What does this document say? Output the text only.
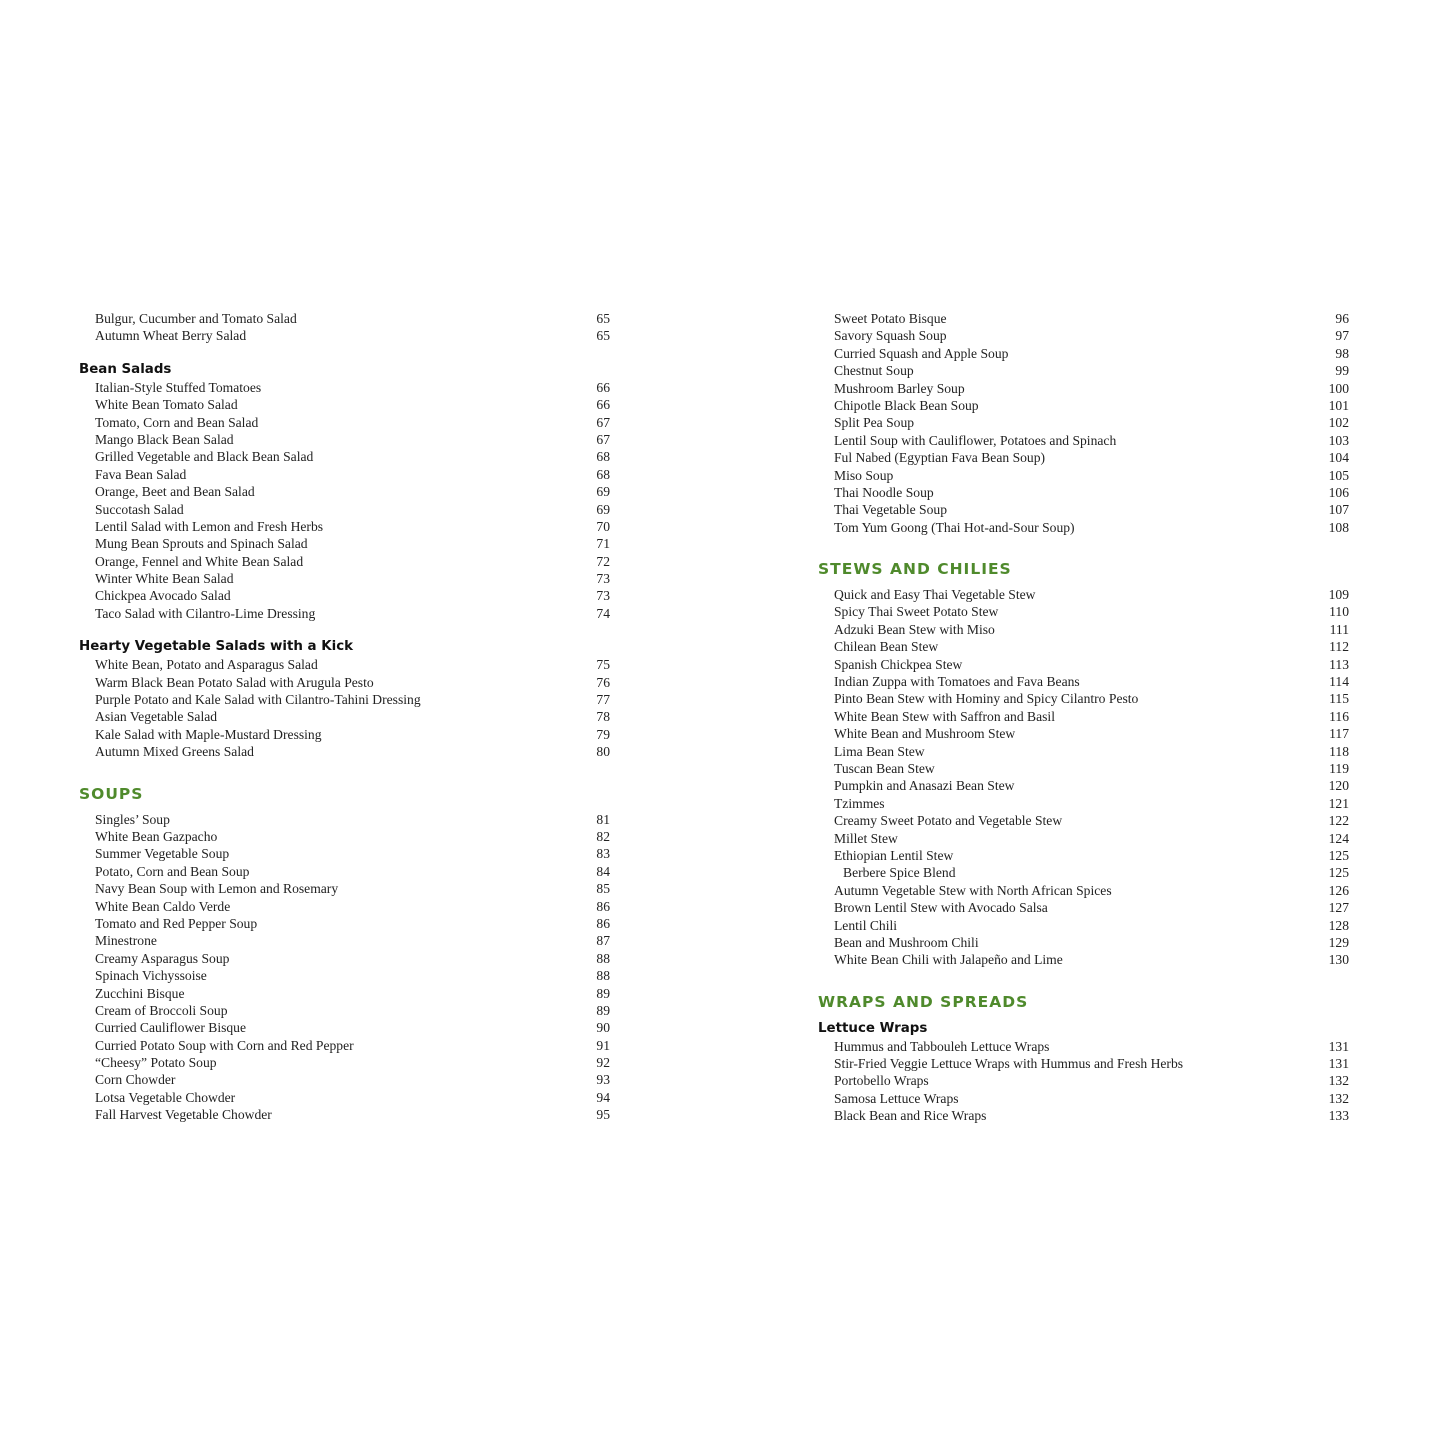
Bulgur, Cucumber and Tomato Salad	65
Autumn Wheat Berry Salad	65
Bean Salads
Italian-Style Stuffed Tomatoes	66
White Bean Tomato Salad	66
Tomato, Corn and Bean Salad	67
Mango Black Bean Salad	67
Grilled Vegetable and Black Bean Salad	68
Fava Bean Salad	68
Orange, Beet and Bean Salad	69
Succotash Salad	69
Lentil Salad with Lemon and Fresh Herbs	70
Mung Bean Sprouts and Spinach Salad	71
Orange, Fennel and White Bean Salad	72
Winter White Bean Salad	73
Chickpea Avocado Salad	73
Taco Salad with Cilantro-Lime Dressing	74
Hearty Vegetable Salads with a Kick
White Bean, Potato and Asparagus Salad	75
Warm Black Bean Potato Salad with Arugula Pesto	76
Purple Potato and Kale Salad with Cilantro-Tahini Dressing	77
Asian Vegetable Salad	78
Kale Salad with Maple-Mustard Dressing	79
Autumn Mixed Greens Salad	80
SOUPS
Singles’ Soup	81
White Bean Gazpacho	82
Summer Vegetable Soup	83
Potato, Corn and Bean Soup	84
Navy Bean Soup with Lemon and Rosemary	85
White Bean Caldo Verde	86
Tomato and Red Pepper Soup	86
Minestrone	87
Creamy Asparagus Soup	88
Spinach Vichyssoise	88
Zucchini Bisque	89
Cream of Broccoli Soup	89
Curried Cauliflower Bisque	90
Curried Potato Soup with Corn and Red Pepper	91
“Cheesy” Potato Soup	92
Corn Chowder	93
Lotsa Vegetable Chowder	94
Fall Harvest Vegetable Chowder	95
Sweet Potato Bisque	96
Savory Squash Soup	97
Curried Squash and Apple Soup	98
Chestnut Soup	99
Mushroom Barley Soup	100
Chipotle Black Bean Soup	101
Split Pea Soup	102
Lentil Soup with Cauliflower, Potatoes and Spinach	103
Ful Nabed (Egyptian Fava Bean Soup)	104
Miso Soup	105
Thai Noodle Soup	106
Thai Vegetable Soup	107
Tom Yum Goong (Thai Hot-and-Sour Soup)	108
STEWS AND CHILIES
Quick and Easy Thai Vegetable Stew	109
Spicy Thai Sweet Potato Stew	110
Adzuki Bean Stew with Miso	111
Chilean Bean Stew	112
Spanish Chickpea Stew	113
Indian Zuppa with Tomatoes and Fava Beans	114
Pinto Bean Stew with Hominy and Spicy Cilantro Pesto	115
White Bean Stew with Saffron and Basil	116
White Bean and Mushroom Stew	117
Lima Bean Stew	118
Tuscan Bean Stew	119
Pumpkin and Anasazi Bean Stew	120
Tzimmes	121
Creamy Sweet Potato and Vegetable Stew	122
Millet Stew	124
Ethiopian Lentil Stew	125
Berbere Spice Blend	125
Autumn Vegetable Stew with North African Spices	126
Brown Lentil Stew with Avocado Salsa	127
Lentil Chili	128
Bean and Mushroom Chili	129
White Bean Chili with Jalapeño and Lime	130
WRAPS AND SPREADS
Lettuce Wraps
Hummus and Tabbouleh Lettuce Wraps	131
Stir-Fried Veggie Lettuce Wraps with Hummus and Fresh Herbs	131
Portobello Wraps	132
Samosa Lettuce Wraps	132
Black Bean and Rice Wraps	133
